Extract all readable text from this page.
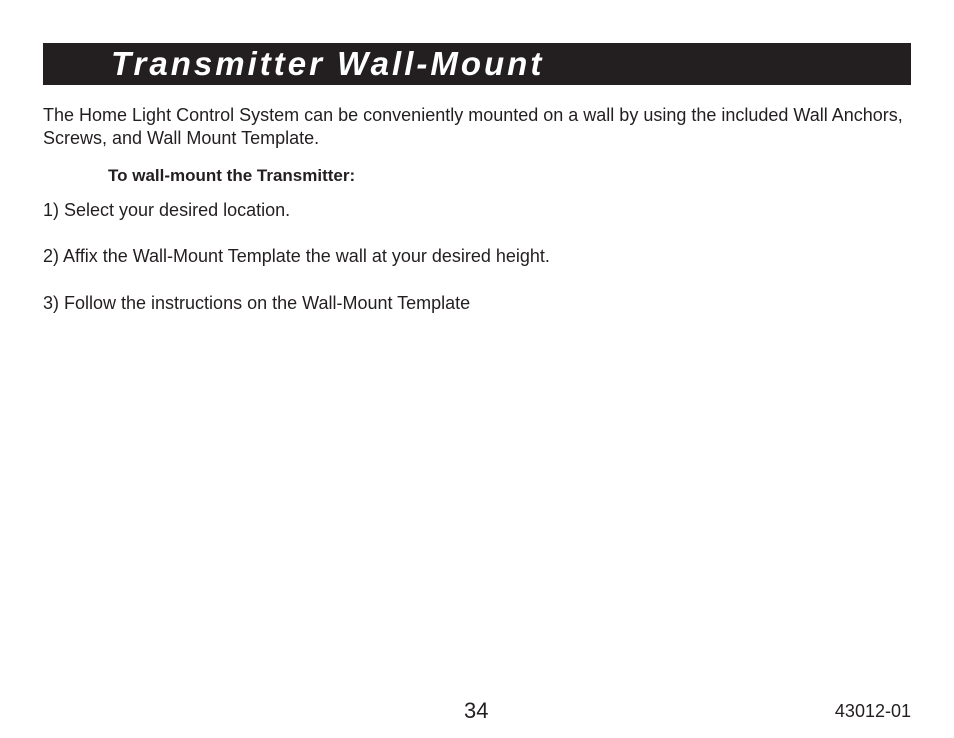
Transmitter Wall-Mount

The Home Light Control System can be conveniently mounted on a wall by using the included Wall Anchors, Screws, and Wall Mount Template.

To wall-mount the Transmitter:

1) Select your desired location.

2) Affix the Wall-Mount Template the wall at your desired height.

3) Follow the instructions on the Wall-Mount Template

34	43012-01
